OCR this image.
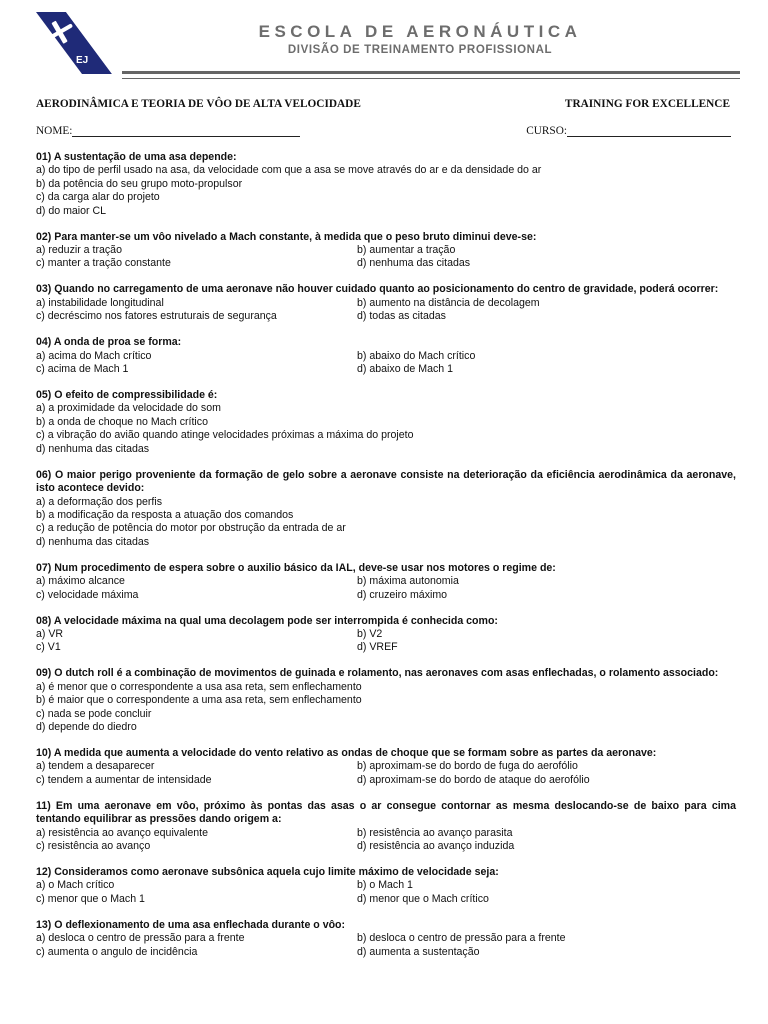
EJ
ESCOLA DE AERONÁUTICA
DIVISÃO DE TREINAMENTO PROFISSIONAL
AERODINÂMICA E TEORIA DE VÔO DE ALTA VELOCIDADE	TRAINING FOR EXCELLENCE
NOME:	CURSO:
01) A sustentação de uma asa depende:
a) do tipo de perfil usado na asa, da velocidade com que a asa se move através do ar e da densidade do ar
b) da potência do seu grupo moto-propulsor
c) da carga alar do projeto
d) do maior CL
02) Para manter-se um vôo nivelado a Mach constante, à medida que o peso bruto diminui deve-se:
a) reduzir a tração	b) aumentar a tração
c) manter a tração constante	d) nenhuma das citadas
03) Quando no carregamento de uma aeronave não houver cuidado quanto ao posicionamento do centro de gravidade, poderá ocorrer:
a) instabilidade longitudinal	b) aumento na distância de decolagem
c) decréscimo nos fatores estruturais de segurança	d) todas as citadas
04) A onda de proa se forma:
a) acima do Mach crítico	b) abaixo do Mach crítico
c) acima de Mach 1	d) abaixo de Mach 1
05) O efeito de compressibilidade é:
a) a proximidade da velocidade do som
b) a onda de choque no Mach crítico
c) a vibração do avião quando atinge velocidades próximas a máxima do projeto
d) nenhuma das citadas
06) O maior perigo proveniente da formação de gelo sobre a aeronave consiste na deterioração da eficiência aerodinâmica da aeronave, isto acontece devido:
a) a deformação dos perfis
b) a modificação da resposta a atuação dos comandos
c) a redução de potência do motor por obstrução da entrada de ar
d) nenhuma das citadas
07) Num procedimento de espera sobre o auxilio básico da IAL, deve-se usar nos motores o regime de:
a) máximo alcance	b) máxima autonomia
c) velocidade máxima	d) cruzeiro máximo
08) A velocidade máxima na qual uma decolagem pode ser interrompida é conhecida como:
a) VR	b) V2
c) V1	d) VREF
09) O dutch roll é a combinação de movimentos de guinada e rolamento, nas aeronaves com asas enflechadas, o rolamento associado:
a) é menor que o correspondente a usa asa reta, sem enflechamento
b) é maior que o correspondente a uma asa reta, sem enflechamento
c) nada se pode concluir
d) depende do diedro
10) A medida que aumenta a velocidade do vento relativo as ondas de choque que se formam sobre as partes da aeronave:
a) tendem a desaparecer	b) aproximam-se do bordo de fuga do aerofólio
c) tendem a aumentar de intensidade	d) aproximam-se do bordo de ataque do aerofólio
11) Em uma aeronave em vôo, próximo às pontas das asas o ar consegue contornar as mesma deslocando-se de baixo para cima tentando equilibrar as pressões dando origem a:
a) resistência ao avanço equivalente	b) resistência ao avanço parasita
c) resistência ao avanço	d) resistência ao avanço induzida
12) Consideramos como aeronave subsônica aquela cujo limite máximo de velocidade seja:
a) o Mach crítico	b) o Mach 1
c) menor que o Mach 1	d) menor que o Mach crítico
13) O deflexionamento de uma asa enflechada durante o vôo:
a) desloca o centro de pressão para a frente	b) desloca o centro de pressão para a frente
c) aumenta o angulo de incidência	d) aumenta a sustentação
